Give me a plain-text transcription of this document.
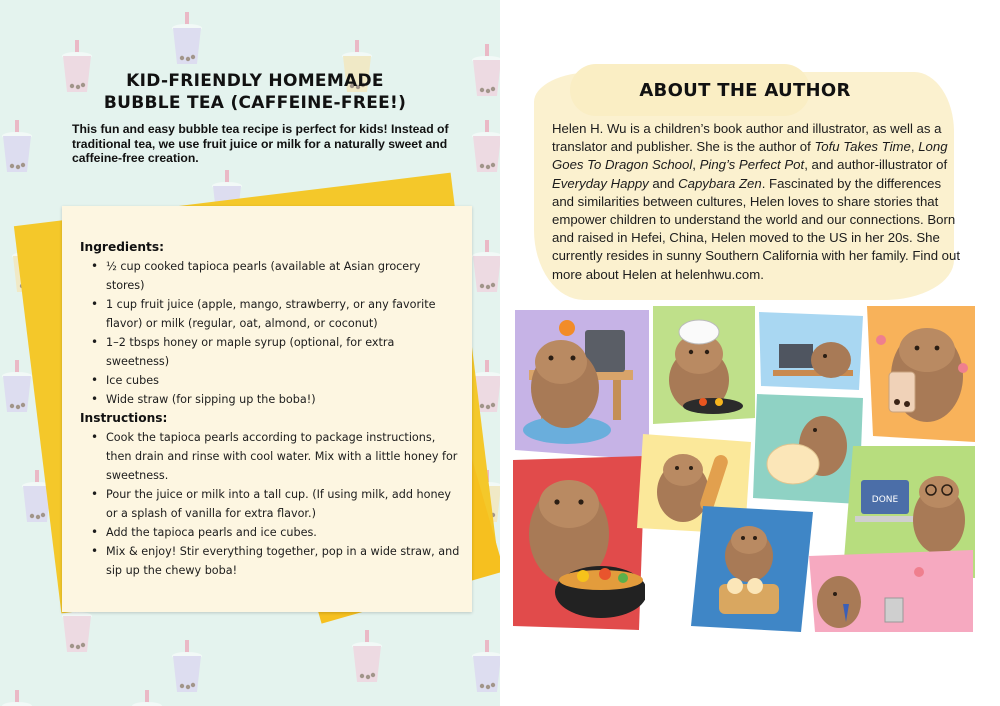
KID-FRIENDLY HOMEMADE
BUBBLE TEA (CAFFEINE-FREE!)

This fun and easy bubble tea recipe is perfect for kids! Instead of traditional tea, we use fruit juice or milk for a naturally sweet and caffeine-free creation.

Ingredients:
• ½ cup cooked tapioca pearls (available at Asian grocery stores)
• 1 cup fruit juice (apple, mango, strawberry, or any favorite flavor) or milk (regular, oat, almond, or coconut)
• 1–2 tbsps honey or maple syrup (optional, for extra sweetness)
• Ice cubes
• Wide straw (for sipping up the boba!)
Instructions:
• Cook the tapioca pearls according to package instructions, then drain and rinse with cool water. Mix with a little honey for sweetness.
• Pour the juice or milk into a tall cup. (If using milk, add honey or a splash of vanilla for extra flavor.)
• Add the tapioca pearls and ice cubes.
• Mix & enjoy! Stir everything together, pop in a wide straw, and sip up the chewy boba!
ABOUT THE AUTHOR

Helen H. Wu is a children’s book author and illustrator, as well as a translator and publisher. She is the author of Tofu Takes Time, Long Goes To Dragon School, Ping’s Perfect Pot, and author-illustrator of Everyday Happy and Capybara Zen. Fascinated by the differences and similarities between cultures, Helen loves to share stories that empower children to understand the world and our connections. Born and raised in Hefei, China, Helen moved to the US in her 20s. She currently resides in sunny Southern California with her family. Find out more about Helen at helenhwu.com.

DONE
